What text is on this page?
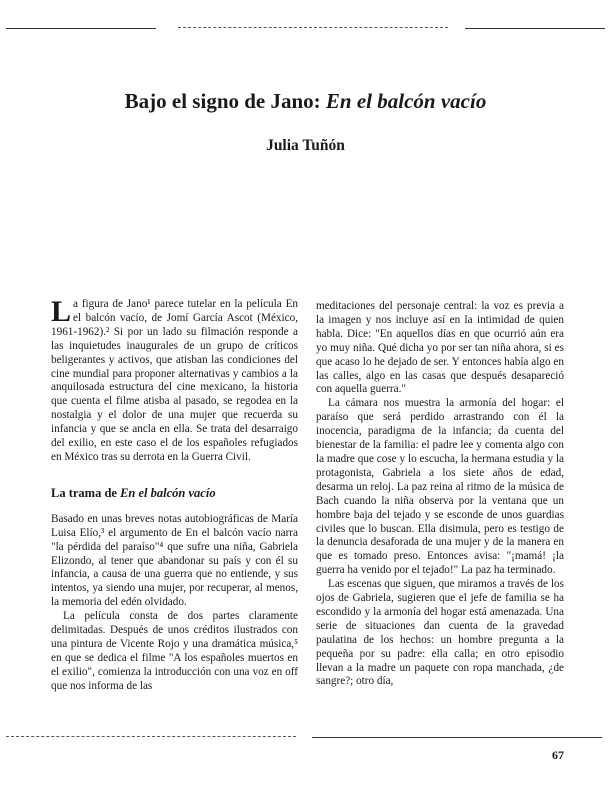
Bajo el signo de Jano: En el balcón vacío
Julia Tuñón

La figura de Jano¹ parece tutelar en la película En el balcón vacío, de Jomí García Ascot (México, 1961-1962).² Si por un lado su filmación responde a las inquietudes inaugurales de un grupo de críticos beligerantes y activos, que atisban las condiciones del cine mundial para proponer alternativas y cambios a la anquilosada estructura del cine mexicano, la historia que cuenta el filme atisba al pasado, se regodea en la nostalgia y el dolor de una mujer que recuerda su infancia y que se ancla en ella. Se trata del desarraigo del exilio, en este caso el de los españoles refugiados en México tras su derrota en la Guerra Civil.

La trama de En el balcón vacío

Basado en unas breves notas autobiográficas de María Luisa Elío,³ el argumento de En el balcón vacío narra "la pérdida del paraíso"⁴ que sufre una niña, Gabriela Elizondo, al tener que abandonar su país y con él su infancia, a causa de una guerra que no entiende, y sus intentos, ya siendo una mujer, por recuperar, al menos, la memoria del edén olvidado.

La película consta de dos partes claramente delimitadas. Después de unos créditos ilustrados con una pintura de Vicente Rojo y una dramática música,⁵ en que se dedica el filme "A los españoles muertos en el exilio", comienza la introducción con una voz en off que nos informa de las

meditaciones del personaje central: la voz es previa a la imagen y nos incluye así en la intimidad de quien habla. Dice: "En aquellos días en que ocurrió aún era yo muy niña. Qué dicha yo por ser tan niña ahora, si es que acaso lo he dejado de ser. Y entonces había algo en las calles, algo en las casas que después desapareció con aquella guerra."

La cámara nos muestra la armonía del hogar: el paraíso que será perdido arrastrando con él la inocencia, paradigma de la infancia; da cuenta del bienestar de la familia: el padre lee y comenta algo con la madre que cose y lo escucha, la hermana estudia y la protagonista, Gabriela a los siete años de edad, desarma un reloj. La paz reina al ritmo de la música de Bach cuando la niña observa por la ventana que un hombre baja del tejado y se esconde de unos guardias civiles que lo buscan. Ella disimula, pero es testigo de la denuncia desaforada de una mujer y de la manera en que es tomado preso. Entonces avisa: "¡mamá! ¡la guerra ha venido por el tejado!" La paz ha terminado.

Las escenas que siguen, que miramos a través de los ojos de Gabriela, sugieren que el jefe de familia se ha escondido y la armonía del hogar está amenazada. Una serie de situaciones dan cuenta de la gravedad paulatina de los hechos: un hombre pregunta a la pequeña por su padre: ella calla; en otro episodio llevan a la madre un paquete con ropa manchada, ¿de sangre?; otro día,

67
